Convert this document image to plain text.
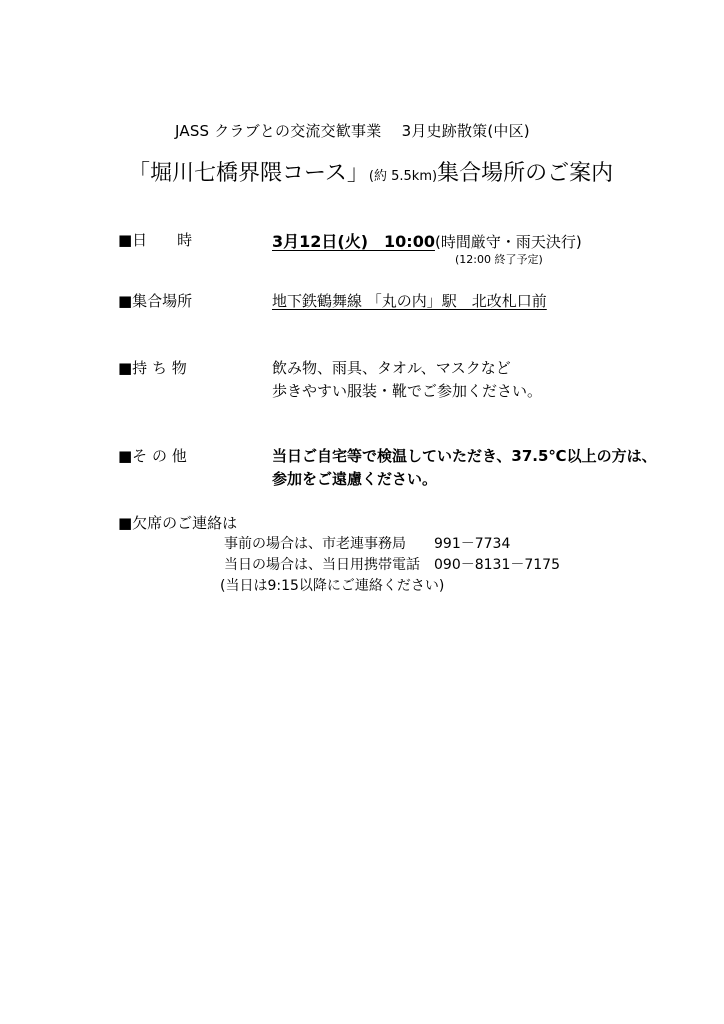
JASS クラブとの交流交歓事業　 3月史跡散策(中区)
「堀川七橋界隈コース」(約 5.5km)集合場所のご案内
■日　　時	3月12日(火)　10:00(時間厳守・雨天決行)
(12:00 終了予定)
■集合場所	地下鉄鶴舞線 「丸の内」駅　北改札口前
■持 ち 物	飲み物、雨具、タオル、マスクなど
歩きやすい服装・靴でご参加ください。
■そ の 他	当日ご自宅等で検温していただき、37.5℃以上の方は、
参加をご遠慮ください。
■欠席のご連絡は
事前の場合は、市老連事務局　　991－7734
当日の場合は、当日用携帯電話　090－8131－7175
(当日は9:15以降にご連絡ください)
